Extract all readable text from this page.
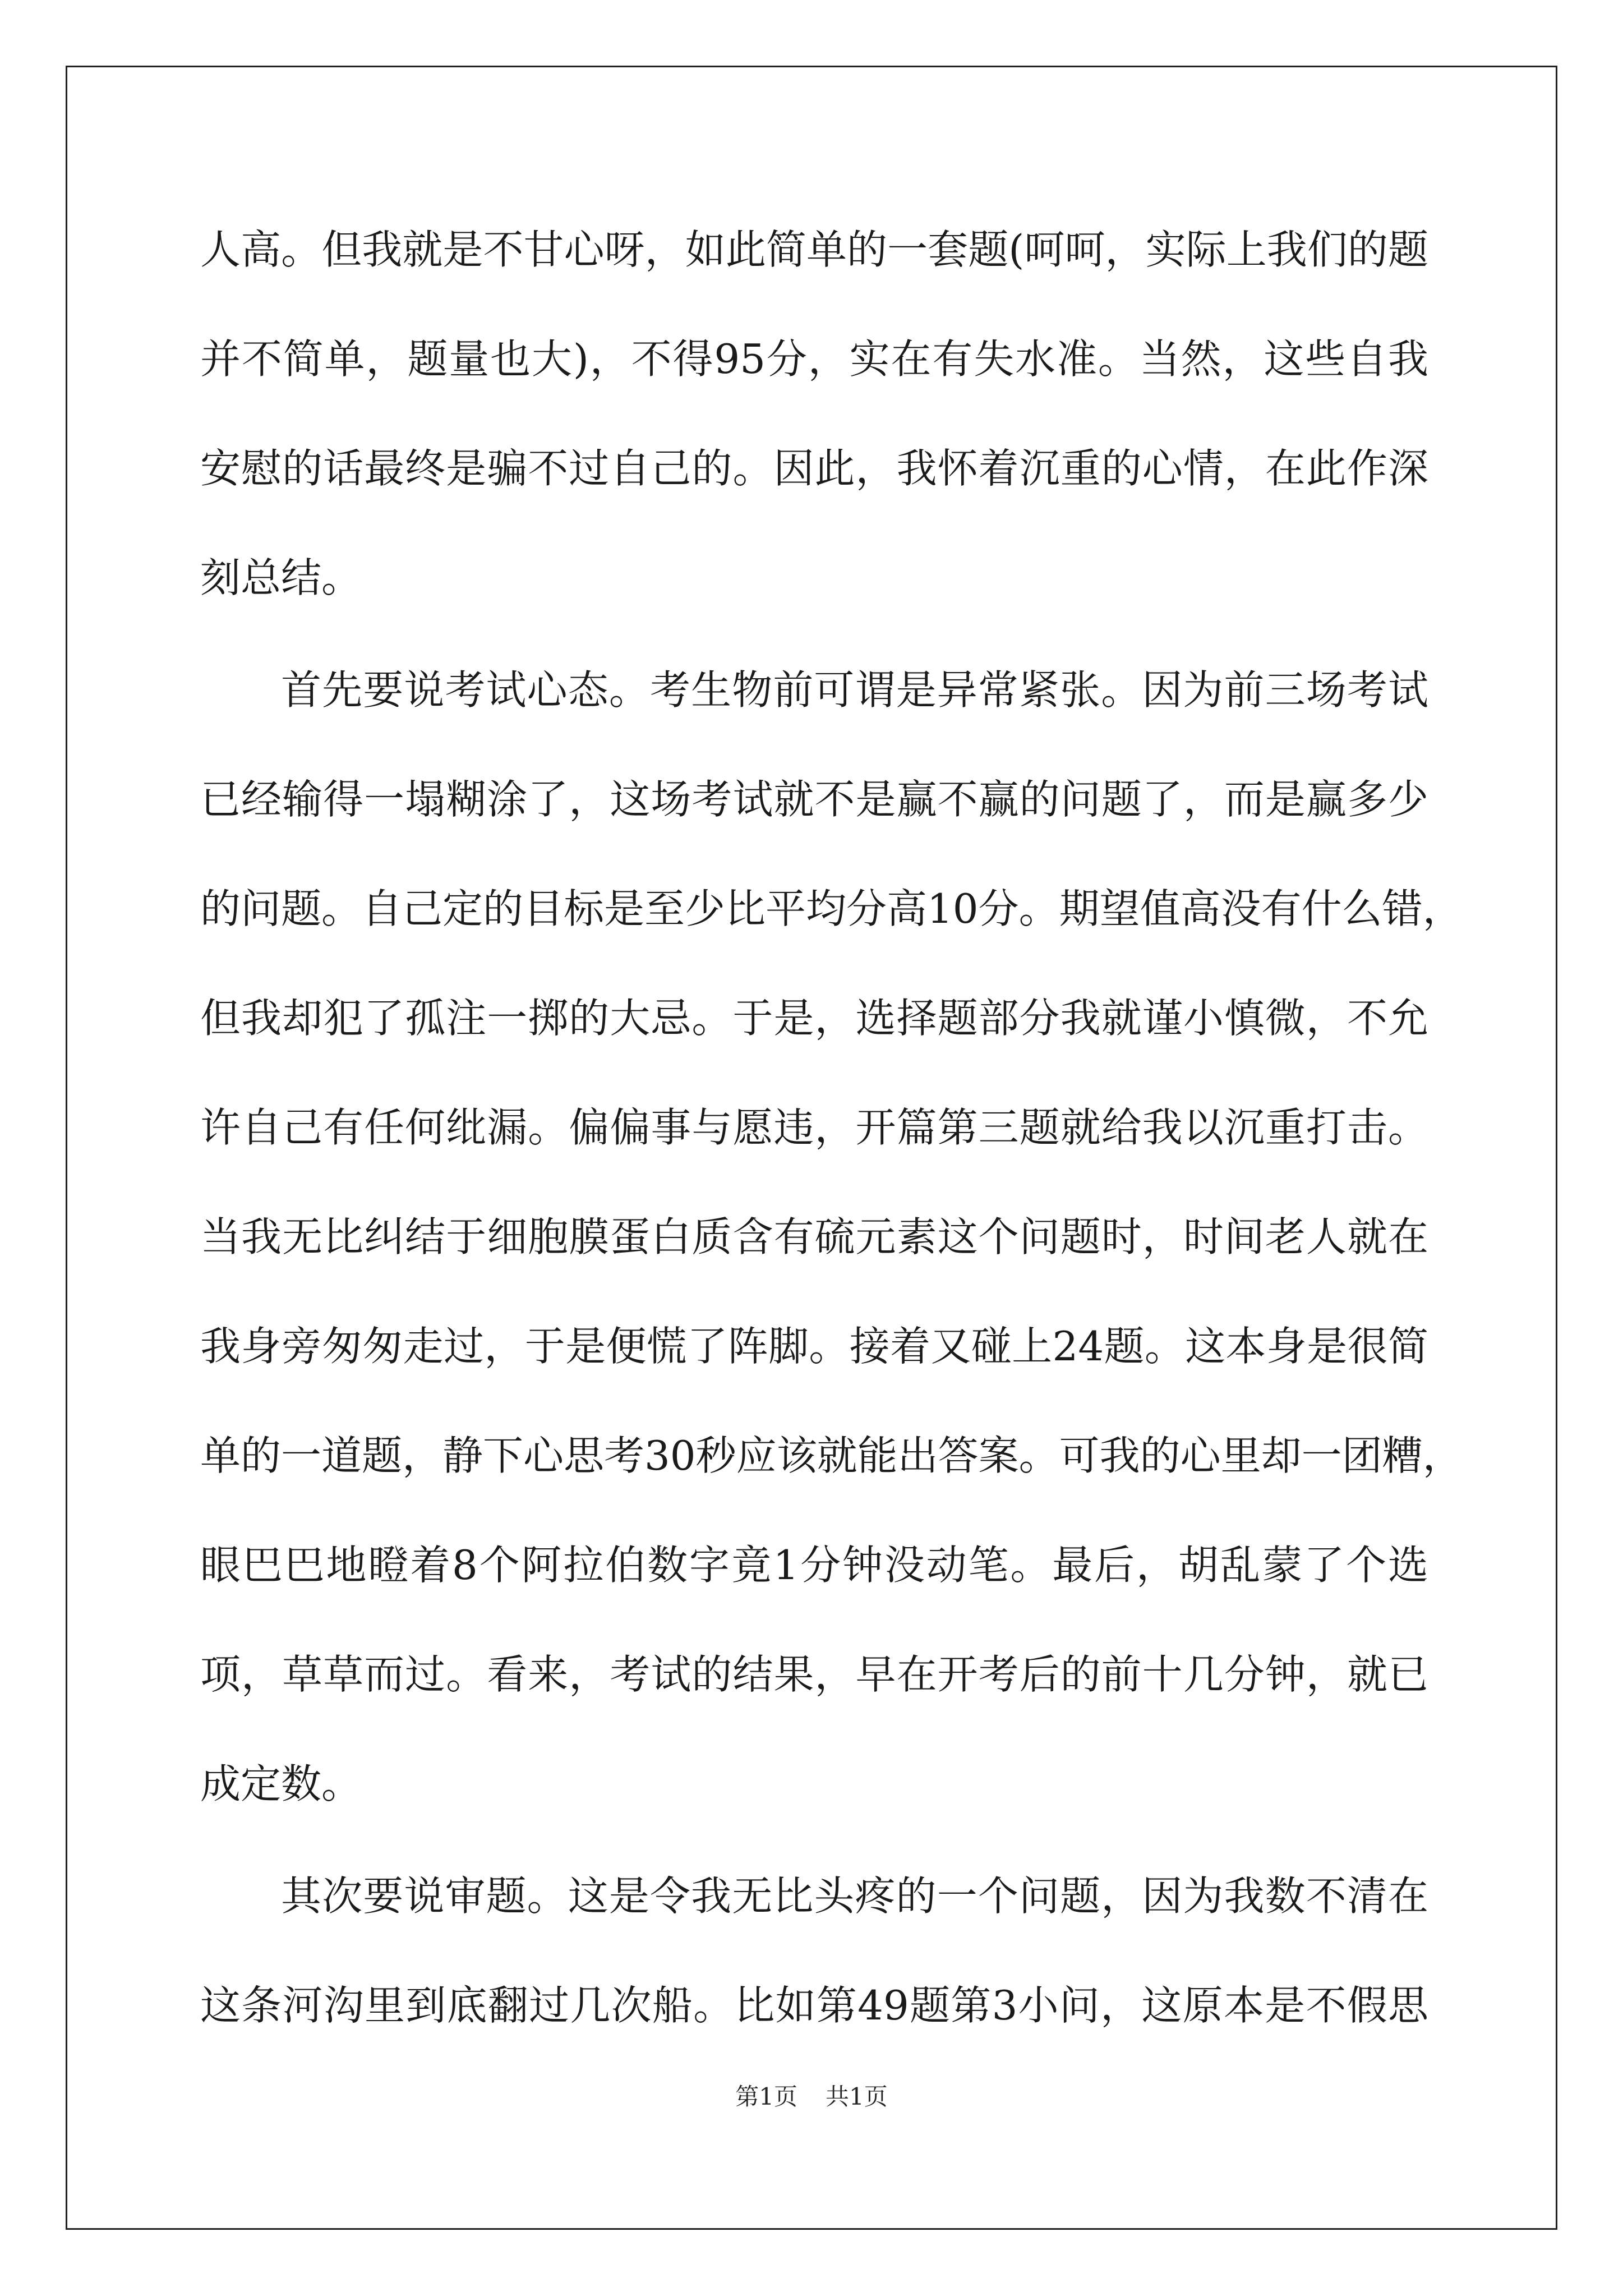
人高。但我就是不甘心呀，如此简单的一套题(呵呵，实际上我们的题
并不简单，题量也大)，不得95分，实在有失水准。当然，这些自我
安慰的话最终是骗不过自己的。因此，我怀着沉重的心情，在此作深
刻总结。
首先要说考试心态。考生物前可谓是异常紧张。因为前三场考试
已经输得一塌糊涂了，这场考试就不是赢不赢的问题了，而是赢多少
的问题。自己定的目标是至少比平均分高10分。期望值高没有什么错，
但我却犯了孤注一掷的大忌。于是，选择题部分我就谨小慎微，不允
许自己有任何纰漏。偏偏事与愿违，开篇第三题就给我以沉重打击。
当我无比纠结于细胞膜蛋白质含有硫元素这个问题时，时间老人就在
我身旁匆匆走过，于是便慌了阵脚。接着又碰上24题。这本身是很简
单的一道题，静下心思考30秒应该就能出答案。可我的心里却一团糟，
眼巴巴地瞪着8个阿拉伯数字竟1分钟没动笔。最后，胡乱蒙了个选
项，草草而过。看来，考试的结果，早在开考后的前十几分钟，就已
成定数。
其次要说审题。这是令我无比头疼的一个问题，因为我数不清在
这条河沟里到底翻过几次船。比如第49题第3小问，这原本是不假思
第1页 共1页
